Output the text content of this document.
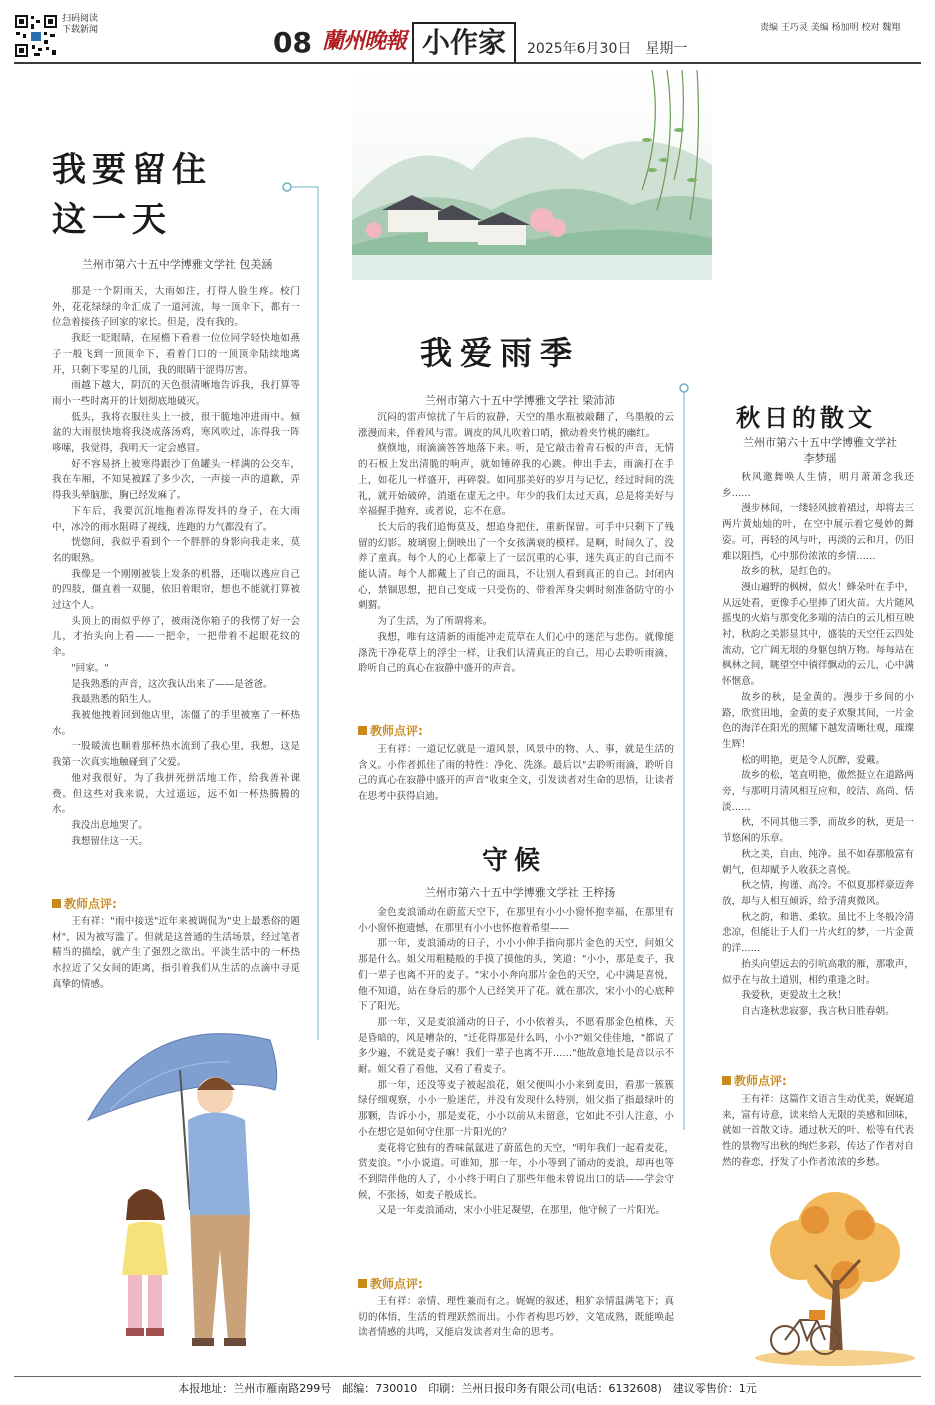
扫码阅读下载新闻	08 蘭州晚報 小作家	2025年6月30日　星期一
责编 王巧灵 美编 杨加明 校对 魏翔
我要留住
这一天
兰州市第六十五中学博雅文学社 包美涵

那是一个阴雨天，大雨如注，打得人脸生疼。校门外，花花绿绿的伞汇成了一道河流，每一顶伞下，都有一位急着接孩子回家的家长。但是，没有我的。

我眨一眨眼睛，在屋檐下看着一位位同学轻快地如燕子一般飞到一顶顶伞下，看着门口的一顶顶伞陆续地离开，只剩下零星的几顶，我的眼睛干涩得厉害。

雨越下越大，阴沉的天色很清晰地告诉我，我打算等雨小一些时离开的计划彻底地破灭。

低头，我将衣服往头上一披，很干脆地冲进雨中。倾盆的大雨很快地将我浇成落汤鸡，寒风吹过，冻得我一阵哆嗦，我觉得，我明天一定会感冒。

好不容易挤上被寒得跟沙丁鱼罐头一样满的公交车，我在车厢，不知晃被踩了多少次，一声接一声的道歉，弄得我头晕脑胀，胸已经发麻了。

下车后，我要沉沉地拖着冻得发抖的身子，在大雨中，冰冷的雨水阻碍了视线，连跑的力气都没有了。

恍惚间，我似乎看到个一个胖胖的身影向我走来，莫名的眼熟。

我像是一个刚刚被装上发条的机器，还喘以逃应自己的四肢，僵直着一双腿，依旧着眼帘，想也不能就打算被过这个人。

头顶上的雨似乎停了，被雨浇你箱子的我愣了好一会儿，才抬头向上看——一把伞，一把带着不起眼花纹的伞。

"回家。"

是我熟悉的声音，这次我认出来了——是爸爸。

我最熟悉的陌生人。

我被他拽着回到他店里，冻僵了的手里被塞了一杯热水。

一股暖流也顺着那杯热水流到了我心里，我想，这是我第一次真实地触碰到了父爱。

他对我很好，为了我拼死拼活地工作，给我善补课费。但这些对我来说，大过遥远，远不如一杯热腾腾的水。

我没出息地哭了。

我想留住这一天。

教师点评:

王有祥："雨中接送"近年来被调侃为"史上最悉俗的题材"，因为被写滥了。但就是这普通的生活场景，经过笔者精当的描绘，就产生了强烈之欲出。平淡生活中的一杯热水拉近了父女间的距离，指引着我们从生活的点滴中寻觅真挚的情感。

我爱雨季
兰州市第六十五中学博雅文学社 梁沛沛

沉闷的雷声惊扰了午后的寂静，天空的墨水瓶被敲翻了，乌墨般的云涨漫而来，伴着风与雷。调皮的风儿吹着口哨，掀动着夹竹桃的幽红。

倏倏地，雨滴滴答答地落下来。听，是它敲击着青石板的声音，无情的石板上发出清脆的响声，就如锤碎我的心跳。伸出手去，雨滴打在手上，如花儿一样盛开，再碎裂。如同那美好的岁月与记忆，经过时间的洗礼，就开始破碎，消逝在虚无之中。年少的我们太过天真，总是将美好与幸福握手抛弃，或者说，忘不在意。

长大后的我们追悔莫及，想追身把住，重新保留。可手中只剩下了残留的幻影。玻璃窗上倒映出了一个女孩满衰的模样。是啊，时间久了，没养了童真。每个人的心上都蒙上了一层沉重的心事，迷失真正的自己而不能认清。每个人都戴上了自己的面具，不让别人看到真正的自己。封闭内心，禁锢思想，把自己变成一只受伤的、带着浑身尖刺时刻准备防守的小刺猬。

为了生活，为了所谓将来。

我想，唯有这清新的雨能冲走荒草在人们心中的迷茫与悲伤。就像能涤洗干净花草上的浮尘一样，让我们认清真正的自己，用心去聆听雨滴，聆听自己的真心在寂静中盛开的声音。

教师点评:

王有祥：一道记忆就是一道风景，风景中的物、人、事，就是生活的含义。小作者抓住了雨的特性：净化、洗涤。最后以"去聆听雨滴，聆听自己的真心在寂静中盛开的声音"收束全文，引发读者对生命的思悟，让读者在思考中获得启迪。

守候
兰州市第六十五中学博雅文学社 王梓扬

金色麦浪涌动在蔚蓝天空下，在那里有小小小窗怀抱幸福，在那里有小小窗怀抱遗憾，在那里有小小也怀抱着希望——

那一年，麦浪涌动的日子，小小小伸手指向那片金色的天空，问姐父那是什么。姐父用粗糙般的手摸了摸他的头，笑道："小小，那是麦子，我们一辈子也离不开的麦子。"宋小小奔向那片金色的天空，心中满是喜悦，他不知道，站在身后的那个人已经笑开了花。就在那次，宋小小的心底种下了阳光。

那一年，又是麦浪涌动的日子，小小依着头，不愿看那金色植株，天是昏暗的，风是嘈杂的，"迁花得那是什么吗，小小?"姐父佳佳地，"都说了多少遍，不就是麦子嘛！我们一辈子也离不开……"他故意地长是音以示不耐。姐父看了看他，又看了看麦子。

那一年，还没等麦子被起浪花，姐父便叫小小来到麦田，看那一簇簇绿仔细观察，小小一脸迷茫，并没有发现什么特别，姐父指了指最绿叶的那颗，告诉小小，那是麦花，小小以前从未留意，它如此不引人注意，小小在想它是如何守住那一片阳光的？

麦花将它独有的香味氤氲进了蔚蓝色的天空，"明年我们一起看麦花，赏麦浪。"小小说道。可谁知，那一年，小小等到了涌动的麦浪，却再也等不到陪伴他的人了，小小终于明白了那些年他未曾说出口的话——学会守候，不张扬，如麦子般成长。

又是一年麦浪涌动，宋小小驻足凝望，在那里，他守候了一片阳光。

教师点评:

王有祥：亲情、理性兼而有之。娓娓的叙述，粗犷亲情温满笔下；真切的体悟，生活的哲理跃然而出。小作者构思巧妙，文笔成熟，既能唤起读者情感的共鸣，又能启发读者对生命的思考。

秋日的散文
兰州市第六十五中学博雅文学社
李梦瑶

秋风邀舞唤人生情，明月萧萧念我还乡……

漫步林间，一缕轻风披着裙过，却将去三两片黄灿灿的叶，在空中展示着它曼妙的舞姿。可，再轻的风与叶，再淡的云和月，仍旧难以阻挡，心中那份浓浓的乡情……

故乡的秋，是红色的。

漫山遍野的枫树，似火！蜂朵叶在手中，从远处看，更像手心里捧了团火苗。大片随风摇曳的火焰与那变化多端的洁白的云儿相互映衬，秋韵之美影显其中，盛装的天空任云四处流动，它广阔无垠的身躯包纳万物。每每站在枫林之间，眺望空中徜徉飘动的云儿，心中满怀惬意。

故乡的秋，是金黄的。漫步于乡间的小路，欣赏田地，金黄的麦子欢聚其间，一片金色的海洋在阳光的照耀下越发清晰壮观，璀璨生辉！

松的明艳，更是令人沉醉，爱戴。

故乡的松，笔直明艳，傲然挺立在道路两旁，与那明月清风相互应和，皎洁、高尚、恬淡……

秋，不同其他三季，而故乡的秋，更是一节悠闲的乐章。

秋之美，自由、纯净。虽不如春那般富有朝气，但却赋予人收获之喜悦。

秋之情，拘谨、高冷。不似夏那样豪迈奔放，却与人相互倾诉，给予清爽微风。

秋之韵，和谐、柔软。虽比不上冬般冷清悲凉，但能让于人们一片火红的梦，一片金黄的洋……

抬头向望远去的引吭高歌的雁，那歌声，似乎在与故土道别，相约重逢之时。

我爱秋，更爱故土之秋！

自古逢秋悲寂寥，我言秋日胜春朝。

教师点评:

王有祥：这篇作文语言生动优美，娓娓道来，富有诗意，读来给人无限的美感和回味，就如一首散文诗。通过秋天的叶、松等有代表性的景物写出秋的绚烂多彩，传达了作者对自然的眷恋，抒发了小作者浓浓的乡愁。

本报地址：兰州市雁南路299号　邮编：730010　印刷：兰州日报印务有限公司(电话：6132608)　建议零售价：1元
